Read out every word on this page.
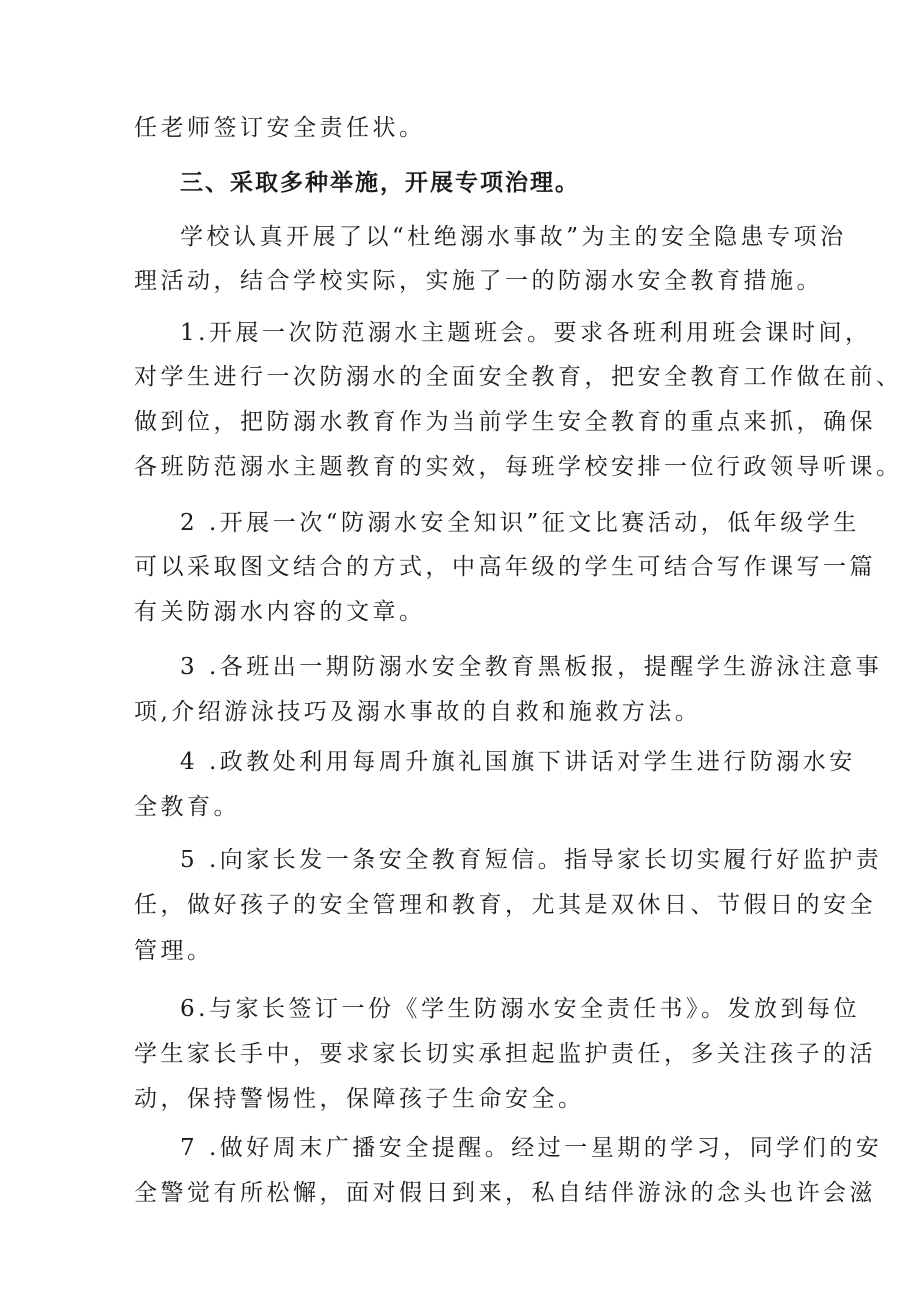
任老师签订安全责任状。
三、采取多种举施，开展专项治理。
学校认真开展了以“杜绝溺水事故”为主的安全隐患专项治
理活动，结合学校实际，实施了一的防溺水安全教育措施。
1.开展一次防范溺水主题班会。要求各班利用班会课时间，
对学生进行一次防溺水的全面安全教育，把安全教育工作做在前、
做到位，把防溺水教育作为当前学生安全教育的重点来抓，确保
各班防范溺水主题教育的实效，每班学校安排一位行政领导听课。
2 .开展一次“防溺水安全知识”征文比赛活动，低年级学生
可以采取图文结合的方式，中高年级的学生可结合写作课写一篇
有关防溺水内容的文章。
3 .各班出一期防溺水安全教育黑板报，提醒学生游泳注意事
项,介绍游泳技巧及溺水事故的自救和施救方法。
4 .政教处利用每周升旗礼国旗下讲话对学生进行防溺水安
全教育。
5 .向家长发一条安全教育短信。指导家长切实履行好监护责
任，做好孩子的安全管理和教育，尤其是双休日、节假日的安全
管理。
6.与家长签订一份《学生防溺水安全责任书》。发放到每位
学生家长手中，要求家长切实承担起监护责任，多关注孩子的活
动，保持警惕性，保障孩子生命安全。
7 .做好周末广播安全提醒。经过一星期的学习，同学们的安
全警觉有所松懈，面对假日到来，私自结伴游泳的念头也许会滋
